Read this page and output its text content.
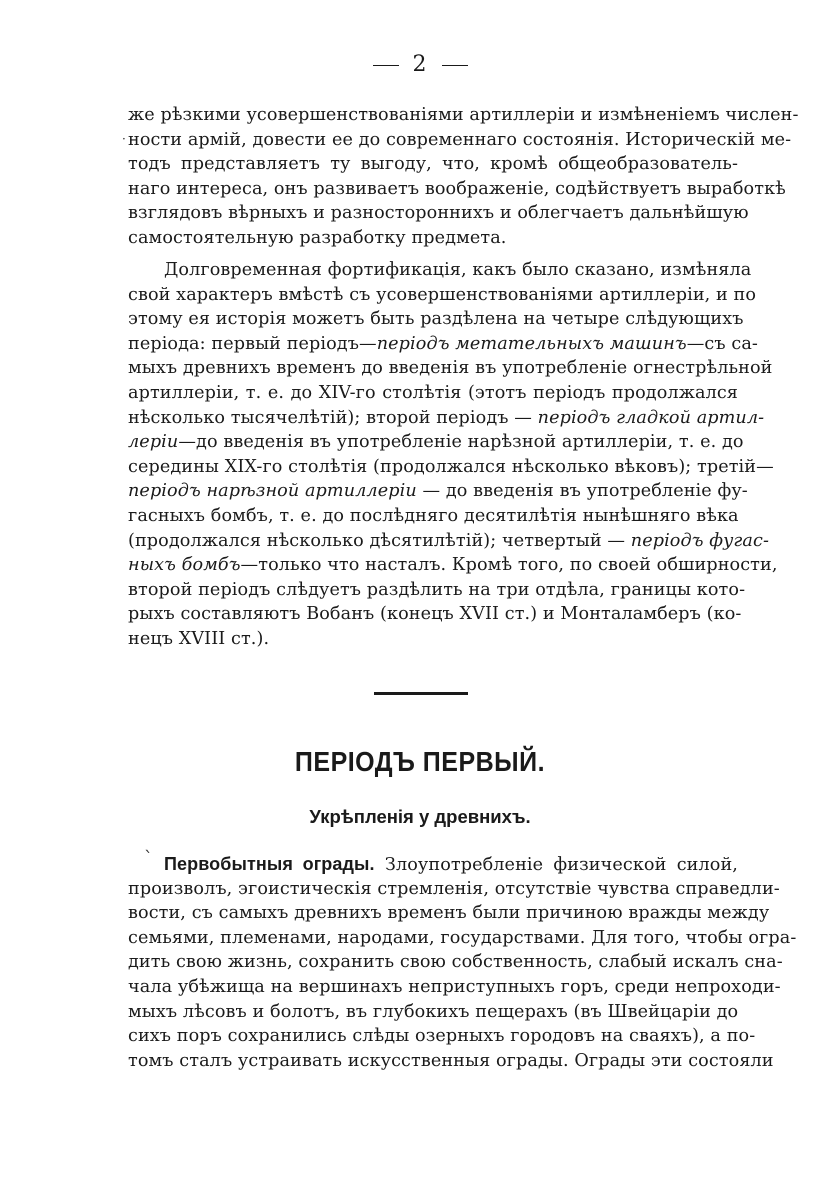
2
·
же рѣзкими усовершенствованіями артиллеріи и измѣненіемъ числен-
ности армій, довести ее до современнаго состоянія. Историческій ме-
тодъ представляетъ ту выгоду, что, кромѣ общеобразователь-
наго интереса, онъ развиваетъ воображеніе, содѣйствуетъ выработкѣ
взглядовъ вѣрныхъ и разностороннихъ и облегчаетъ дальнѣйшую
самостоятельную разработку предмета.
Долговременная фортификація, какъ было сказано, измѣняла
свой характеръ вмѣстѣ съ усовершенствованіями артиллеріи, и по
этому ея исторія можетъ быть раздѣлена на четыре слѣдующихъ
періода: первый періодъ—періодъ метательныхъ машинъ—съ са-
мыхъ древнихъ временъ до введенія въ употребленіе огнестрѣльной
артиллеріи, т. е. до XIV-го столѣтія (этотъ періодъ продолжался
нѣсколько тысячелѣтій); второй періодъ — періодъ гладкой артил-
леріи—до введенія въ употребленіе нарѣзной артиллеріи, т. е. до
середины XIX-го столѣтія (продолжался нѣсколько вѣковъ); третій—
періодъ нарѣзной артиллеріи — до введенія въ употребленіе фу-
гасныхъ бомбъ, т. е. до послѣдняго десятилѣтія нынѣшняго вѣка
(продолжался нѣсколько дѣсятилѣтій); четвертый — періодъ фугас-
ныхъ бомбъ—только что насталъ. Кромѣ того, по своей обширности,
второй періодъ слѣдуетъ раздѣлить на три отдѣла, границы кото-
рыхъ составляютъ Вобанъ (конецъ XVII ст.) и Монталамберъ (ко-
нецъ XVIII ст.).
ПЕРІОДЪ ПЕРВЫЙ.
Укрѣпленія у древнихъ.
` Первобытныя ограды. Злоупотребленіе физической силой,
произволъ, эгоистическія стремленія, отсутствіе чувства справедли-
вости, съ самыхъ древнихъ временъ были причиною вражды между
семьями, племенами, народами, государствами. Для того, чтобы огра-
дить свою жизнь, сохранить свою собственность, слабый искалъ сна-
чала убѣжища на вершинахъ неприступныхъ горъ, среди непроходи-
мыхъ лѣсовъ и болотъ, въ глубокихъ пещерахъ (въ Швейцаріи до
сихъ поръ сохранились слѣды озерныхъ городовъ на сваяхъ), а по-
томъ сталъ устраивать искусственныя ограды. Ограды эти состояли
